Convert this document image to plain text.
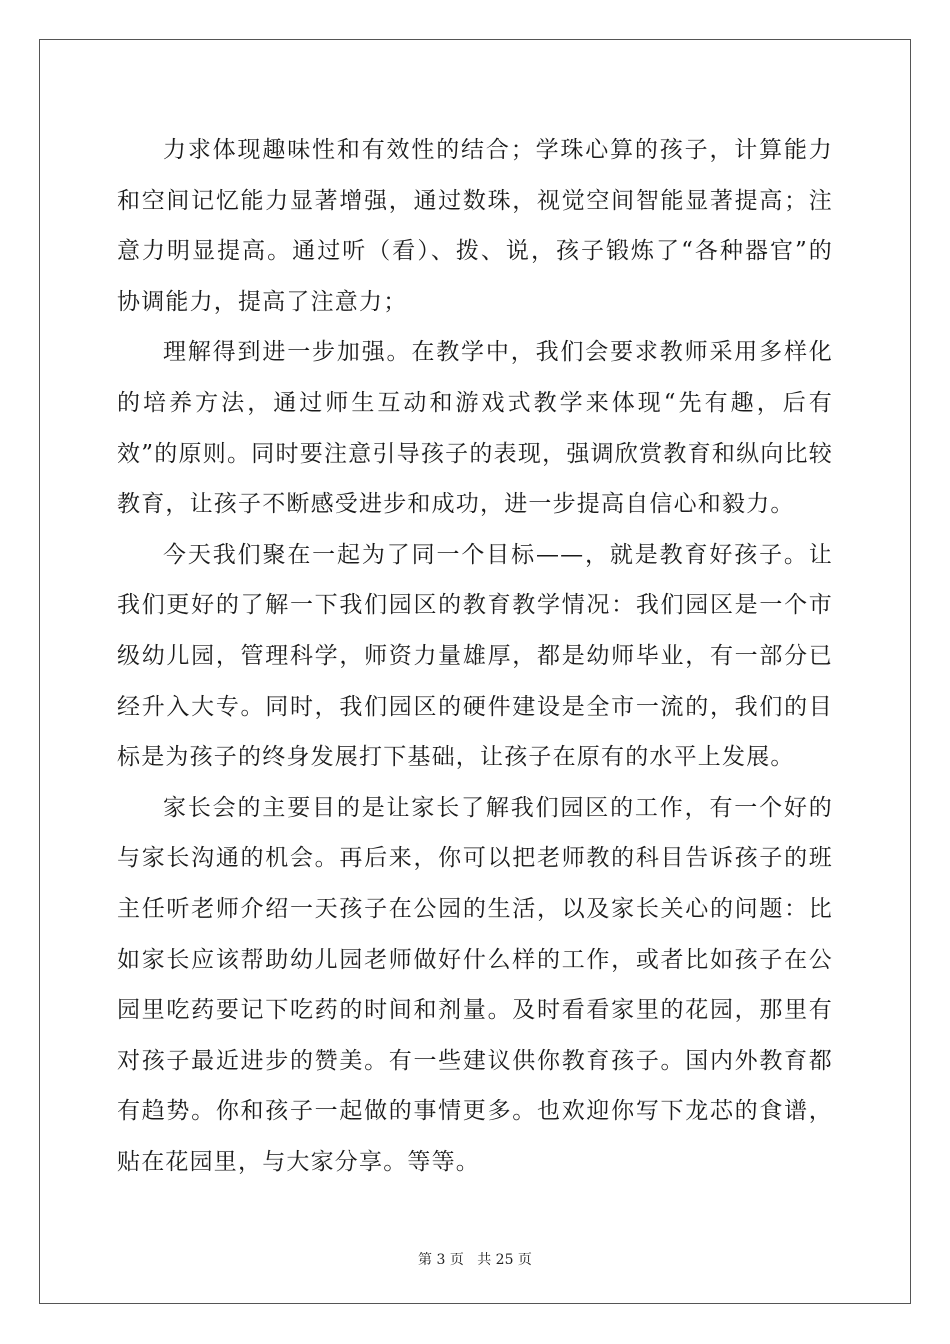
力求体现趣味性和有效性的结合；学珠心算的孩子，计算能力和空间记忆能力显著增强，通过数珠，视觉空间智能显著提高；注意力明显提高。通过听（看）、拨、说，孩子锻炼了“各种器官”的协调能力，提高了注意力；

理解得到进一步加强。在教学中，我们会要求教师采用多样化的培养方法，通过师生互动和游戏式教学来体现“先有趣，后有效”的原则。同时要注意引导孩子的表现，强调欣赏教育和纵向比较教育，让孩子不断感受进步和成功，进一步提高自信心和毅力。

今天我们聚在一起为了同一个目标——，就是教育好孩子。让我们更好的了解一下我们园区的教育教学情况：我们园区是一个市级幼儿园，管理科学，师资力量雄厚，都是幼师毕业，有一部分已经升入大专。同时，我们园区的硬件建设是全市一流的，我们的目标是为孩子的终身发展打下基础，让孩子在原有的水平上发展。

家长会的主要目的是让家长了解我们园区的工作，有一个好的与家长沟通的机会。再后来，你可以把老师教的科目告诉孩子的班主任听老师介绍一天孩子在公园的生活，以及家长关心的问题：比如家长应该帮助幼儿园老师做好什么样的工作，或者比如孩子在公园里吃药要记下吃药的时间和剂量。及时看看家里的花园，那里有对孩子最近进步的赞美。有一些建议供你教育孩子。国内外教育都有趋势。你和孩子一起做的事情更多。也欢迎你写下龙芯的食谱，贴在花园里，与大家分享。等等。

第 3 页 共 25 页
